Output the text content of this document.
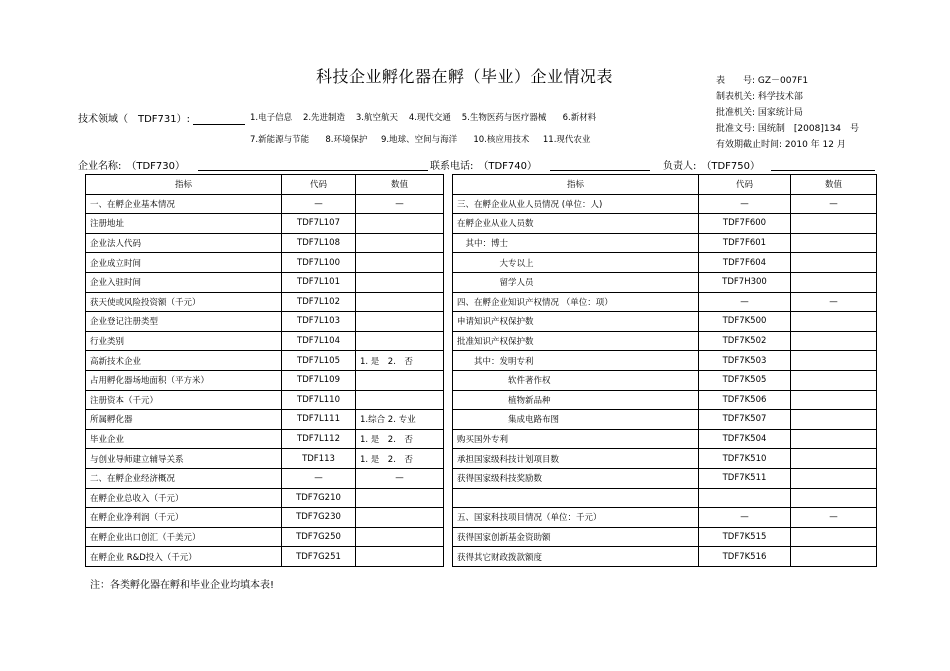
科技企业孵化器在孵（毕业）企业情况表	表　　号: GZ－007F1
制表机关: 科学技术部
批准机关: 国家统计局
批准文号: 国统制　[2008]134　号
有效期截止时间: 2010 年 12 月
技术领域（　TDF731）:	1.电子信息 2.先进制造 3.航空航天 4.现代交通 5.生物医药与医疗器械 6.新材料
7.新能源与节能 8.环境保护 9.地球、空间与海洋 10.核应用技术 11.现代农业
企业名称:　（TDF730）	联系电话:　（TDF740）	负责人:　（TDF750）
指标	代码	数值		指标	代码	数值
一、在孵企业基本情况	—	—		三、在孵企业从业人员情况 (单位：人)	—	—
注册地址	TDF7L107			在孵企业从业人员数	TDF7F600	
企业法人代码	TDF7L108			　其中：博士	TDF7F601	
企业成立时间	TDF7L100			　　　　　大专以上	TDF7F604	
企业入驻时间	TDF7L101			　　　　　留学人员	TDF7H300	
获天使或风险投资额（千元）	TDF7L102			四、在孵企业知识产权情况 （单位：项）	—	—
企业登记注册类型	TDF7L103			申请知识产权保护数	TDF7K500	
行业类别	TDF7L104			批准知识产权保护数	TDF7K502	
高新技术企业	TDF7L105	1. 是　2.　否		　　其中：发明专利	TDF7K503	
占用孵化器场地面积（平方米）	TDF7L109			　　　　　　软件著作权	TDF7K505	
注册资本（千元）	TDF7L110			　　　　　　植物新品种	TDF7K506	
所属孵化器	TDF7L111	1.综合 2. 专业		　　　　　　集成电路布图	TDF7K507	
毕业企业	TDF7L112	1. 是　2.　否		购买国外专利	TDF7K504	
与创业导师建立辅导关系	TDF113	1. 是　2.　否		承担国家级科技计划项目数	TDF7K510	
二、在孵企业经济概况	—	—		获得国家级科技奖励数	TDF7K511	
在孵企业总收入（千元）	TDF7G210					
在孵企业净利润（千元）	TDF7G230			五、国家科技项目情况（单位：千元）	—	—
在孵企业出口创汇（千美元）	TDF7G250			获得国家创新基金资助额	TDF7K515	
在孵企业 R&D投入（千元）	TDF7G251			获得其它财政拨款额度	TDF7K516	
注：各类孵化器在孵和毕业企业均填本表!
